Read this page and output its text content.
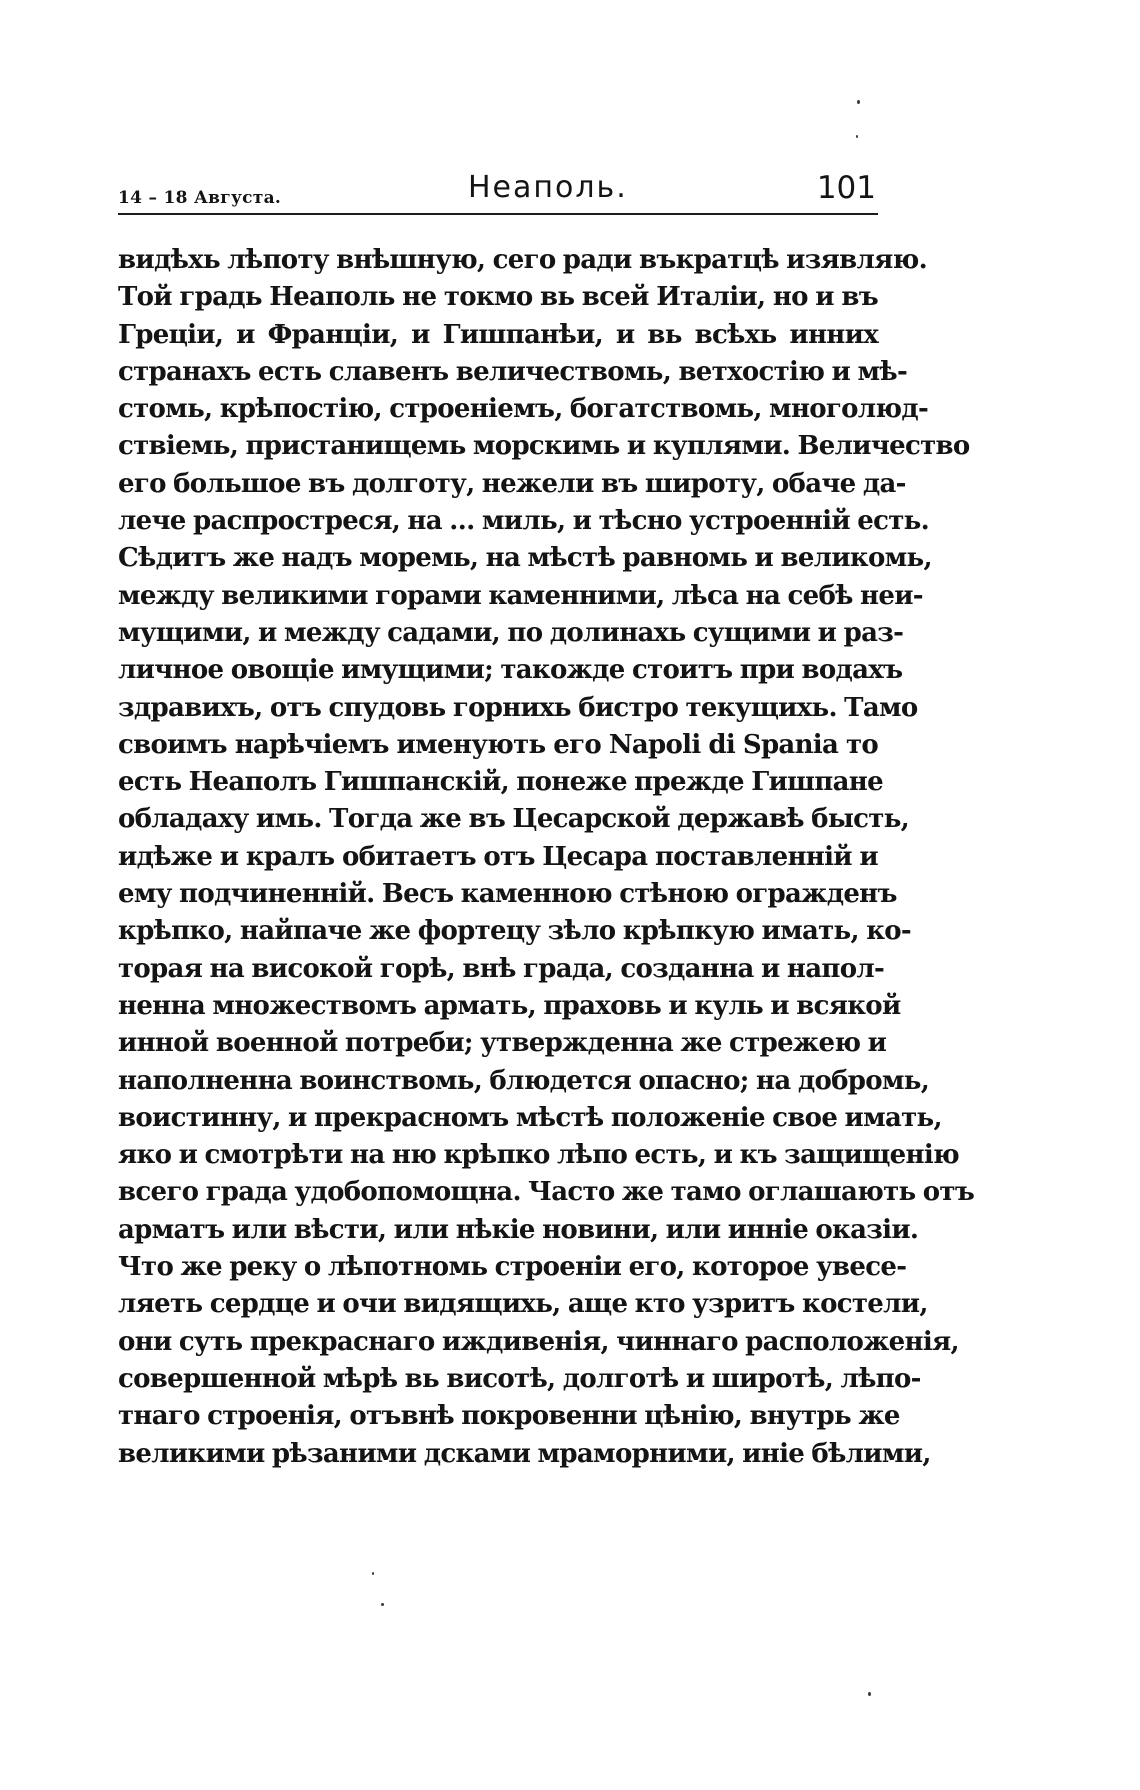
14 – 18 Августа.	Неаполь.	101
видѣхь лѣпоту внѣшную, сего ради въкратцѣ изявляю.
Той градь Неаполь не токмо вь всей Италіи, но и въ
Греціи, и Франціи, и Гишпанѣи, и вь всѣхь инних
странахъ есть славенъ величествомь, ветхостію и мѣ-
стомь, крѣпостію, строеніемъ, богатствомь, многолюд-
ствіемь, пристанищемь морскимь и куплями. Величество
его большое въ долготу, нежели въ широту, обаче да-
лече распростреся, на … миль, и тѣсно устроенній есть.
Сѣдитъ же надъ моремь, на мѣстѣ равномь и великомь,
между великими горами каменними, лѣса на себѣ неи-
мущими, и между садами, по долинахь сущими и раз-
личное овощіе имущими; такожде стоитъ при водахъ
здравихъ, отъ спудовь горнихь бистро текущихь. Тамо
своимъ нарѣчіемъ именують его Napoli di Spania то
есть Неаполъ Гишпанскій, понеже прежде Гишпане
обладаху имь. Тогда же въ Цесарской державѣ бысть,
идѣже и кралъ обитаетъ отъ Цесара поставленній и
ему подчиненній. Весъ каменною стѣною огражденъ
крѣпко, найпаче же фортецу зѣло крѣпкую имать, ко-
торая на високой горѣ, внѣ града, созданна и напол-
ненна множествомъ армать, праховь и куль и всякой
инной военной потреби; утвержденна же стрежею и
наполненна воинствомь, блюдется опасно; на добромь,
воистинну, и прекрасномъ мѣстѣ положеніе свое имать,
яко и смотрѣти на ню крѣпко лѣпо есть, и къ защищенію
всего града удобопомощна. Часто же тамо оглашають отъ
арматъ или вѣсти, или нѣкіе новини, или инніе оказіи.
Что же реку о лѣпотномь строеніи его, которое увесе-
ляеть сердце и очи видящихь, аще кто узритъ костели,
они суть прекраснаго иждивенія, чиннаго расположенія,
совершенной мѣрѣ вь висотѣ, долготѣ и широтѣ, лѣпо-
тнаго строенія, отъвнѣ покровенни цѣнію, внутрь же
великими рѣзаними дсками мраморними, иніе бѣлими,
